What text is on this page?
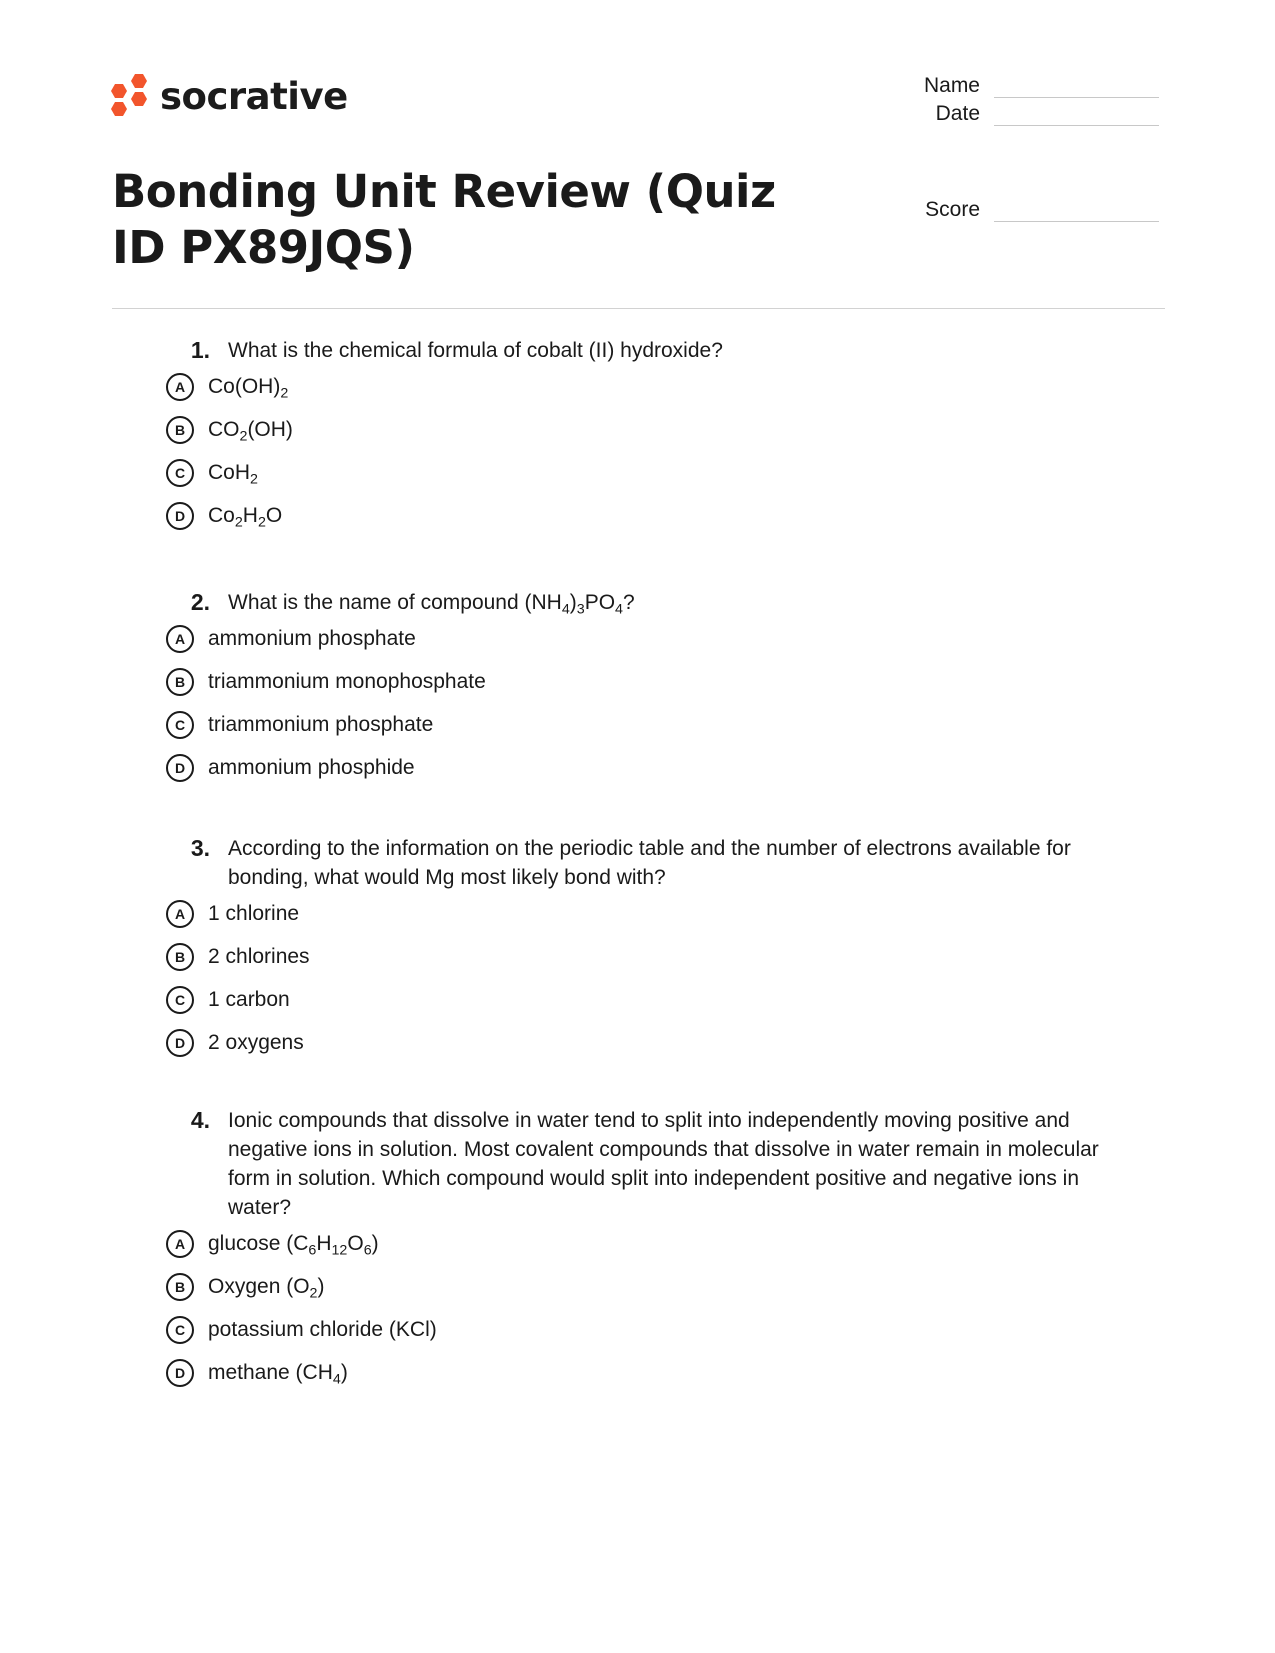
socrative	Name
Date
Score
Bonding Unit Review (Quiz ID PX89JQS)
1. What is the chemical formula of cobalt (II) hydroxide?
A	$Co(OH)_2$
B	$CO_2(OH)$
C	CoH$_2$
D	$Co_2H_2O$
2. What is the name of compound $(NH_4)_3PO_4$?
A	ammonium phosphate
B	triammonium monophosphate
C	triammonium phosphate
D	ammonium phosphide
3. According to the information on the periodic table and the number of electrons available for bonding, what would Mg most likely bond with?
A	1 chlorine
B	2 chlorines
C	1 carbon
D	2 oxygens
4. Ionic compounds that dissolve in water tend to split into independently moving positive and negative ions in solution. Most covalent compounds that dissolve in water remain in molecular form in solution. Which compound would split into independent positive and negative ions in water?
A	glucose $(C_6H_{12}O_6)$
B	Oxygen $(O_2)$
C	potassium chloride (KCl)
D	methane $(CH_4)$
